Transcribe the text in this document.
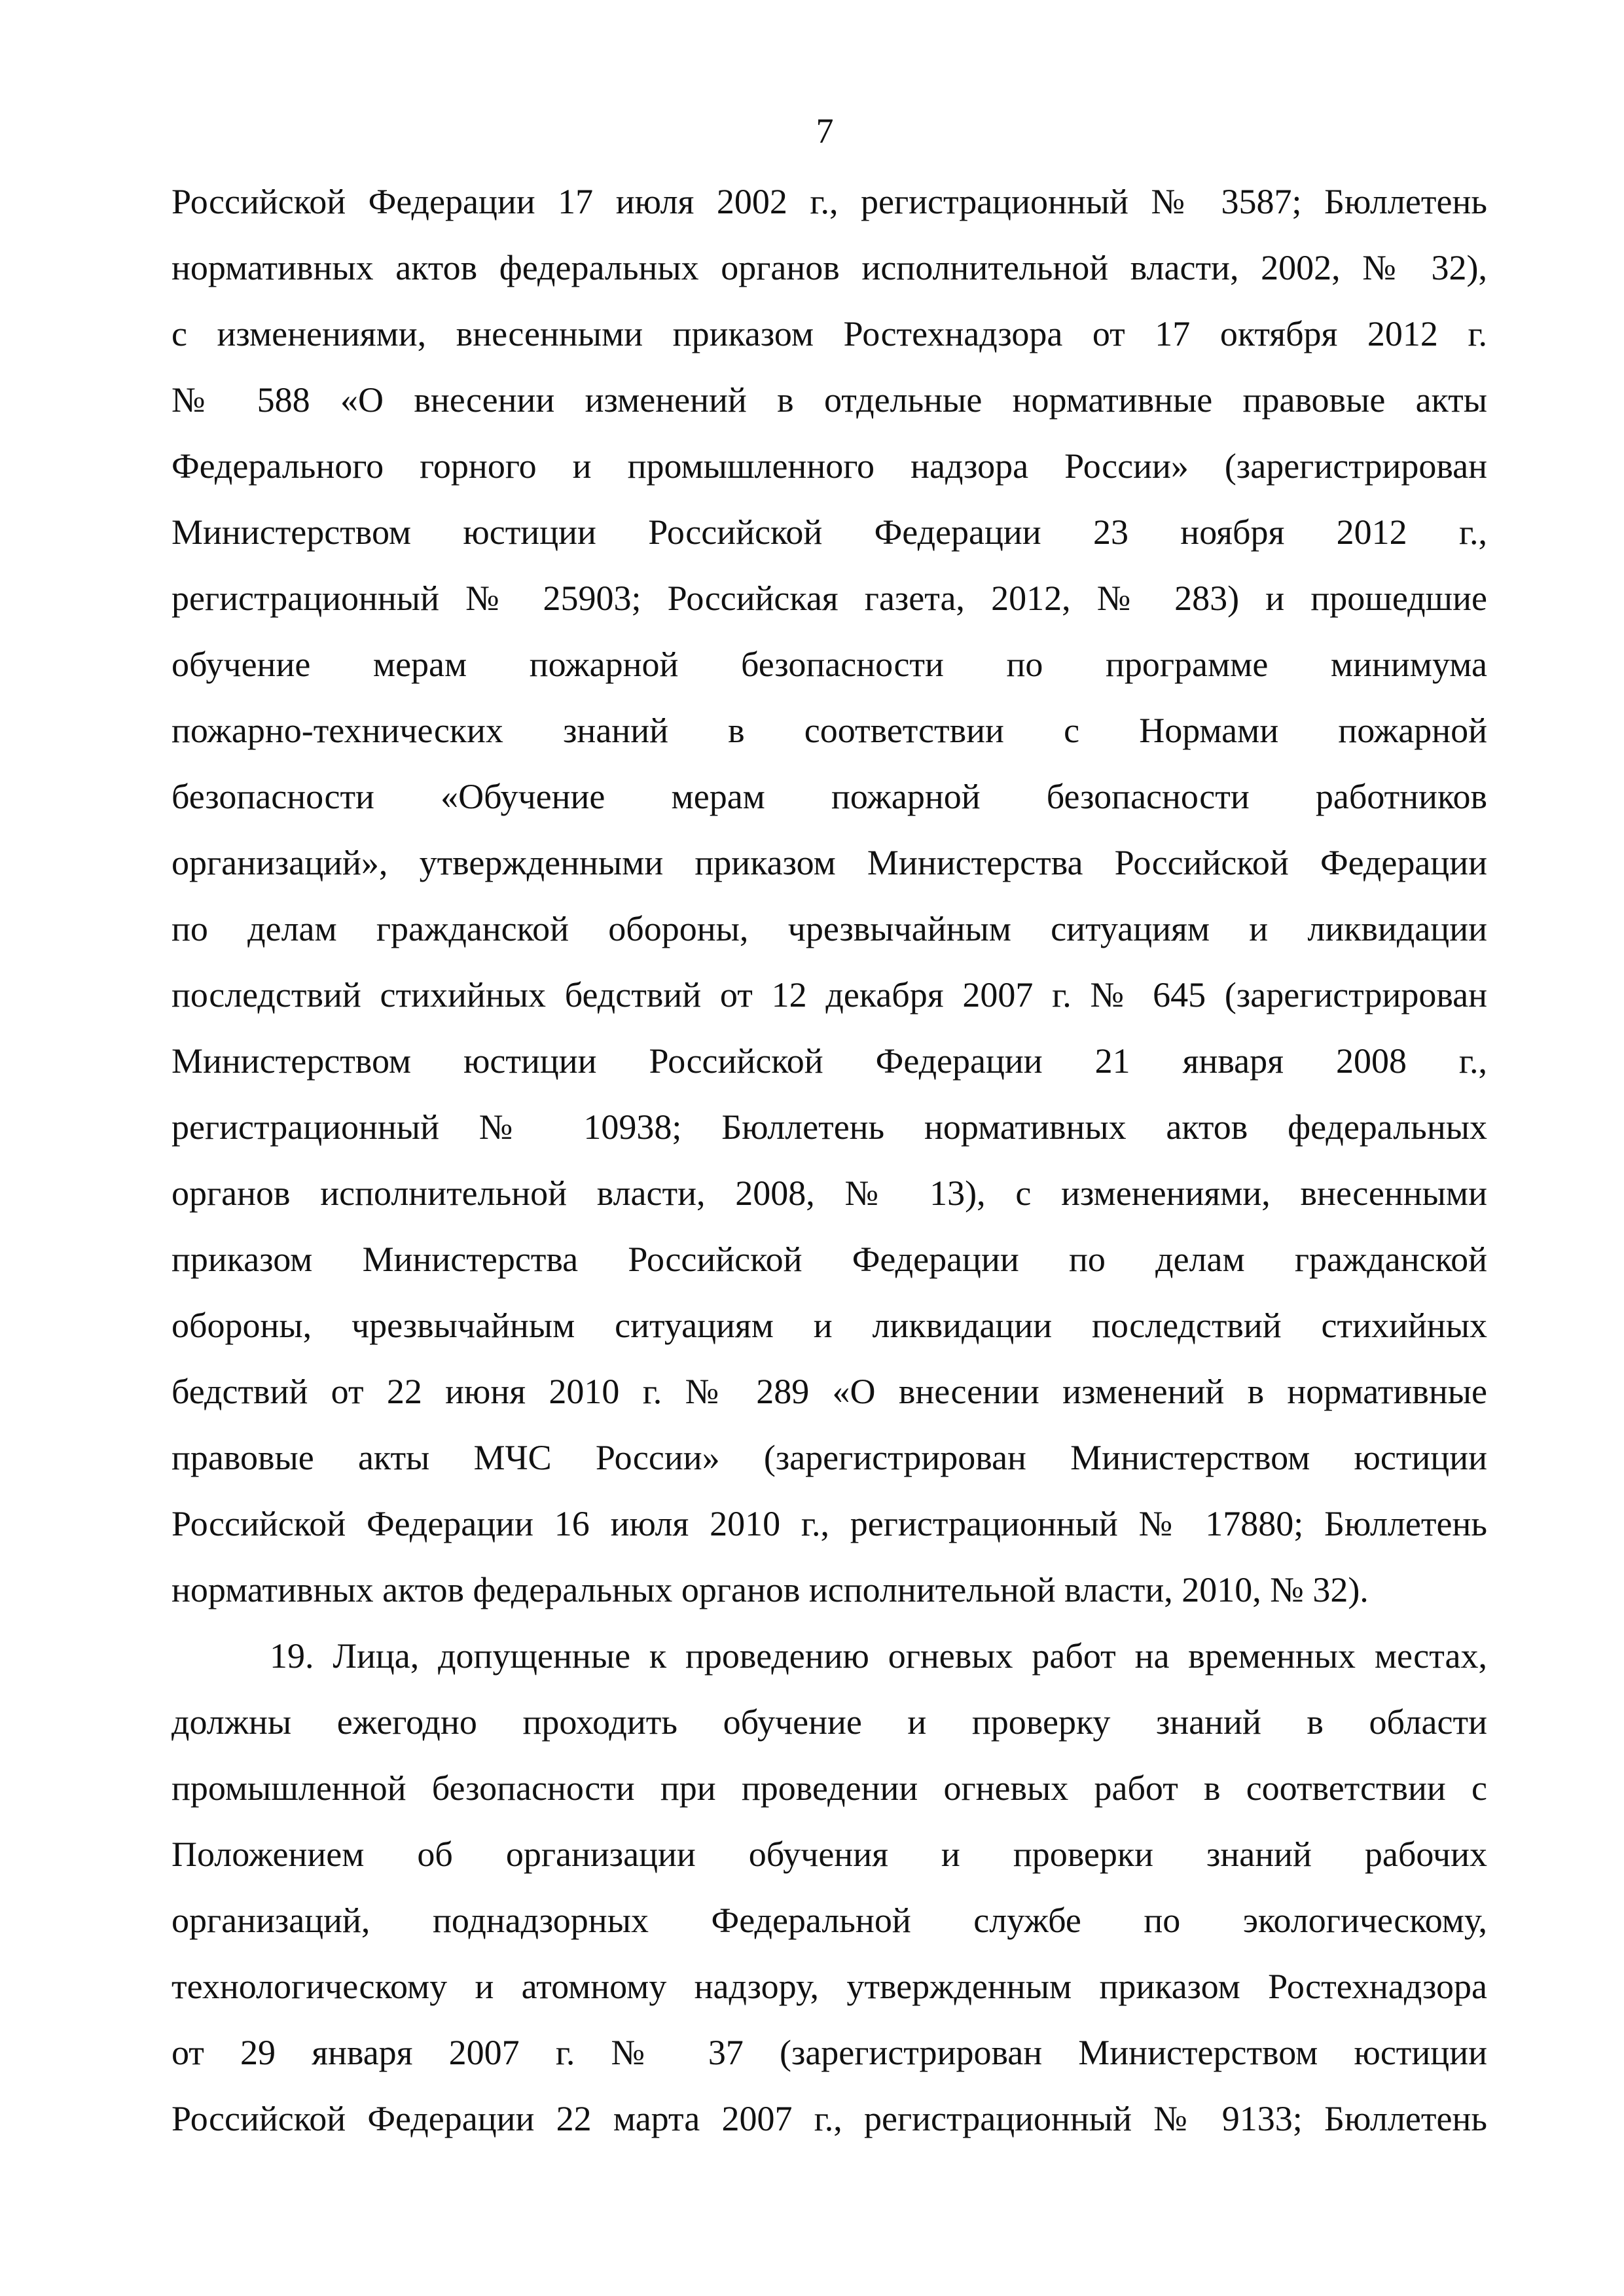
7
Российской Федерации 17 июля 2002 г., регистрационный № 3587; Бюллетень
нормативных актов федеральных органов исполнительной власти, 2002, № 32),
с изменениями, внесенными приказом Ростехнадзора от 17 октября 2012 г.
№ 588 «О внесении изменений в отдельные нормативные правовые акты
Федерального горного и промышленного надзора России» (зарегистрирован
Министерством юстиции Российской Федерации 23 ноября 2012 г.,
регистрационный № 25903; Российская газета, 2012, № 283) и прошедшие
обучение мерам пожарной безопасности по программе минимума
пожарно-технических знаний в соответствии с Нормами пожарной
безопасности «Обучение мерам пожарной безопасности работников
организаций», утвержденными приказом Министерства Российской Федерации
по делам гражданской обороны, чрезвычайным ситуациям и ликвидации
последствий стихийных бедствий от 12 декабря 2007 г. № 645 (зарегистрирован
Министерством юстиции Российской Федерации 21 января 2008 г.,
регистрационный № 10938; Бюллетень нормативных актов федеральных
органов исполнительной власти, 2008, № 13), с изменениями, внесенными
приказом Министерства Российской Федерации по делам гражданской
обороны, чрезвычайным ситуациям и ликвидации последствий стихийных
бедствий от 22 июня 2010 г. № 289 «О внесении изменений в нормативные
правовые акты МЧС России» (зарегистрирован Министерством юстиции
Российской Федерации 16 июля 2010 г., регистрационный № 17880; Бюллетень
нормативных актов федеральных органов исполнительной власти, 2010, № 32).
19. Лица, допущенные к проведению огневых работ на временных местах,
должны ежегодно проходить обучение и проверку знаний в области
промышленной безопасности при проведении огневых работ в соответствии с
Положением об организации обучения и проверки знаний рабочих
организаций, поднадзорных Федеральной службе по экологическому,
технологическому и атомному надзору, утвержденным приказом Ростехнадзора
от 29 января 2007 г. № 37 (зарегистрирован Министерством юстиции
Российской Федерации 22 марта 2007 г., регистрационный № 9133; Бюллетень
